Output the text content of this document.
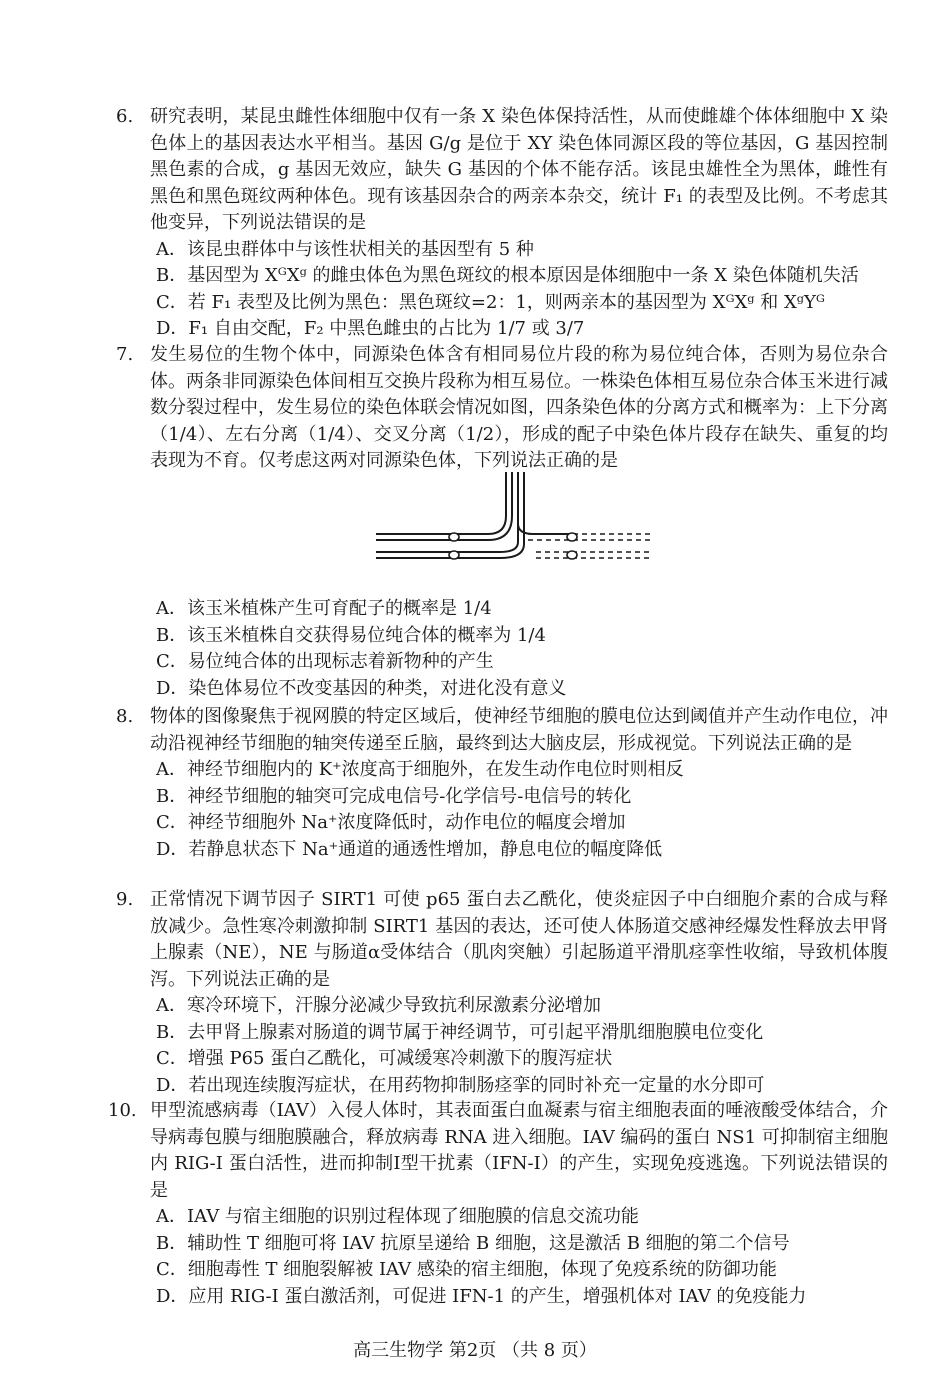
6. 研究表明，某昆虫雌性体细胞中仅有一条 X 染色体保持活性，从而使雌雄个体体细胞中 X 染色体上的基因表达水平相当。基因 G/g 是位于 XY 染色体同源区段的等位基因，G 基因控制黑色素的合成，g 基因无效应，缺失 G 基因的个体不能存活。该昆虫雄性全为黑体，雌性有黑色和黑色斑纹两种体色。现有该基因杂合的两亲本杂交，统计 F₁ 的表型及比例。不考虑其他变异，下列说法错误的是
A．该昆虫群体中与该性状相关的基因型有 5 种
B．基因型为 XᴳXᵍ 的雌虫体色为黑色斑纹的根本原因是体细胞中一条 X 染色体随机失活
C．若 F₁ 表型及比例为黑色：黑色斑纹=2：1，则两亲本的基因型为 XᴳXᵍ 和 XᵍYᴳ
D．F₁ 自由交配，F₂ 中黑色雌虫的占比为 1/7 或 3/7
7. 发生易位的生物个体中，同源染色体含有相同易位片段的称为易位纯合体，否则为易位杂合体。两条非同源染色体间相互交换片段称为相互易位。一株染色体相互易位杂合体玉米进行减数分裂过程中，发生易位的染色体联会情况如图，四条染色体的分离方式和概率为：上下分离（1/4）、左右分离（1/4）、交叉分离（1/2），形成的配子中染色体片段存在缺失、重复的均表现为不育。仅考虑这两对同源染色体，下列说法正确的是
A．该玉米植株产生可育配子的概率是 1/4
B．该玉米植株自交获得易位纯合体的概率为 1/4
C．易位纯合体的出现标志着新物种的产生
D．染色体易位不改变基因的种类，对进化没有意义
8. 物体的图像聚焦于视网膜的特定区域后，使神经节细胞的膜电位达到阈值并产生动作电位，冲动沿视神经节细胞的轴突传递至丘脑，最终到达大脑皮层，形成视觉。下列说法正确的是
A．神经节细胞内的 K⁺浓度高于细胞外，在发生动作电位时则相反
B．神经节细胞的轴突可完成电信号-化学信号-电信号的转化
C．神经节细胞外 Na⁺浓度降低时，动作电位的幅度会增加
D．若静息状态下 Na⁺通道的通透性增加，静息电位的幅度降低
9. 正常情况下调节因子 SIRT1 可使 p65 蛋白去乙酰化，使炎症因子中白细胞介素的合成与释放减少。急性寒冷刺激抑制 SIRT1 基因的表达，还可使人体肠道交感神经爆发性释放去甲肾上腺素（NE），NE 与肠道α受体结合（肌肉突触）引起肠道平滑肌痉挛性收缩，导致机体腹泻。下列说法正确的是
A．寒冷环境下，汗腺分泌减少导致抗利尿激素分泌增加
B．去甲肾上腺素对肠道的调节属于神经调节，可引起平滑肌细胞膜电位变化
C．增强 P65 蛋白乙酰化，可减缓寒冷刺激下的腹泻症状
D．若出现连续腹泻症状，在用药物抑制肠痉挛的同时补充一定量的水分即可
10. 甲型流感病毒（IAV）入侵人体时，其表面蛋白血凝素与宿主细胞表面的唾液酸受体结合，介导病毒包膜与细胞膜融合，释放病毒 RNA 进入细胞。IAV 编码的蛋白 NS1 可抑制宿主细胞内 RIG-I 蛋白活性，进而抑制I型干扰素（IFN-I）的产生，实现免疫逃逸。下列说法错误的是
A．IAV 与宿主细胞的识别过程体现了细胞膜的信息交流功能
B．辅助性 T 细胞可将 IAV 抗原呈递给 B 细胞，这是激活 B 细胞的第二个信号
C．细胞毒性 T 细胞裂解被 IAV 感染的宿主细胞，体现了免疫系统的防御功能
D．应用 RIG-I 蛋白激活剂，可促进 IFN-1 的产生，增强机体对 IAV 的免疫能力
高三生物学 第2页 （共 8 页）
